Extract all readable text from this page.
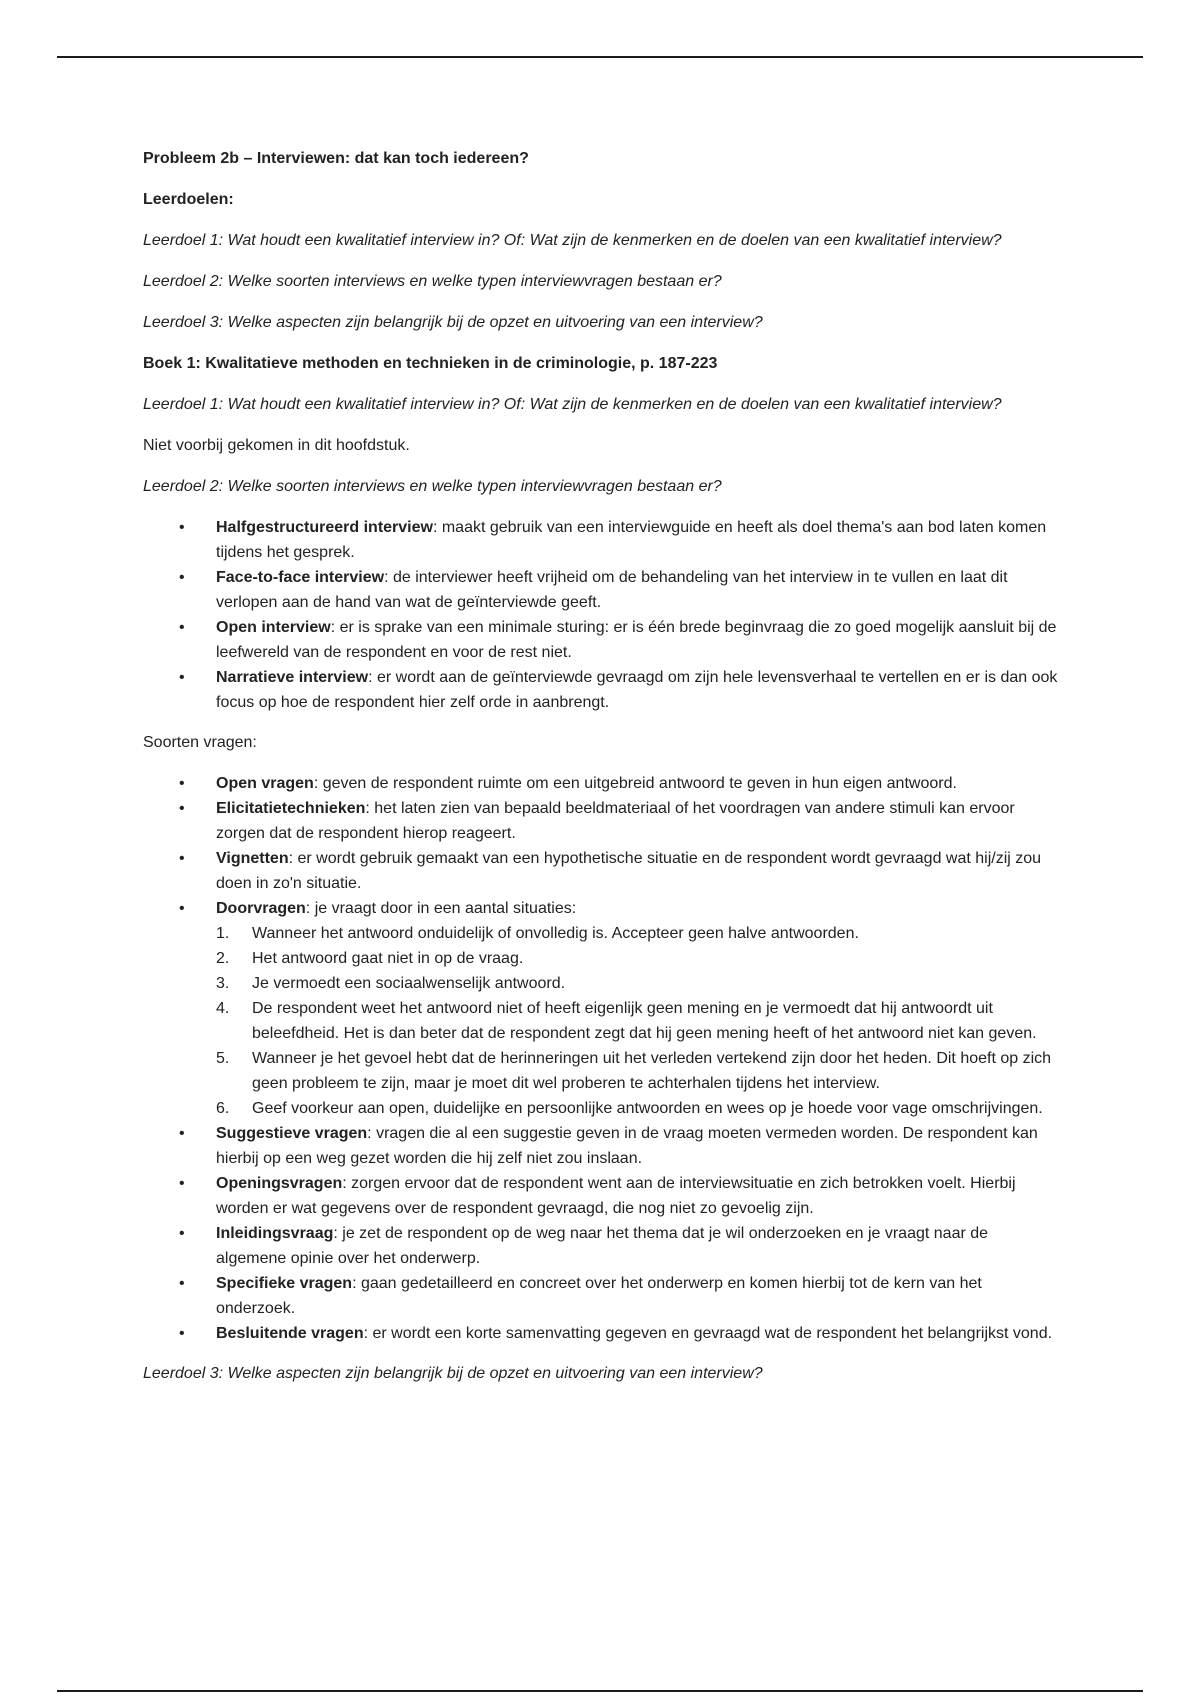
Probleem 2b – Interviewen: dat kan toch iedereen?

Leerdoelen:

Leerdoel 1: Wat houdt een kwalitatief interview in? Of: Wat zijn de kenmerken en de doelen van een kwalitatief interview?

Leerdoel 2: Welke soorten interviews en welke typen interviewvragen bestaan er?

Leerdoel 3: Welke aspecten zijn belangrijk bij de opzet en uitvoering van een interview?

Boek 1: Kwalitatieve methoden en technieken in de criminologie, p. 187-223

Leerdoel 1: Wat houdt een kwalitatief interview in? Of: Wat zijn de kenmerken en de doelen van een kwalitatief interview?

Niet voorbij gekomen in dit hoofdstuk.

Leerdoel 2: Welke soorten interviews en welke typen interviewvragen bestaan er?

• Halfgestructureerd interview: maakt gebruik van een interviewguide en heeft als doel thema's aan bod laten komen tijdens het gesprek.
• Face-to-face interview: de interviewer heeft vrijheid om de behandeling van het interview in te vullen en laat dit verlopen aan de hand van wat de geïnterviewde geeft.
• Open interview: er is sprake van een minimale sturing: er is één brede beginvraag die zo goed mogelijk aansluit bij de leefwereld van de respondent en voor de rest niet.
• Narratieve interview: er wordt aan de geïnterviewde gevraagd om zijn hele levensverhaal te vertellen en er is dan ook focus op hoe de respondent hier zelf orde in aanbrengt.

Soorten vragen:

• Open vragen: geven de respondent ruimte om een uitgebreid antwoord te geven in hun eigen antwoord.
• Elicitatietechnieken: het laten zien van bepaald beeldmateriaal of het voordragen van andere stimuli kan ervoor zorgen dat de respondent hierop reageert.
• Vignetten: er wordt gebruik gemaakt van een hypothetische situatie en de respondent wordt gevraagd wat hij/zij zou doen in zo'n situatie.
• Doorvragen: je vraagt door in een aantal situaties:
1.	Wanneer het antwoord onduidelijk of onvolledig is. Accepteer geen halve antwoorden.
2.	Het antwoord gaat niet in op de vraag.
3.	Je vermoedt een sociaalwenselijk antwoord.
4.	De respondent weet het antwoord niet of heeft eigenlijk geen mening en je vermoedt dat hij antwoordt uit beleefdheid. Het is dan beter dat de respondent zegt dat hij geen mening heeft of het antwoord niet kan geven.
5.	Wanneer je het gevoel hebt dat de herinneringen uit het verleden vertekend zijn door het heden. Dit hoeft op zich geen probleem te zijn, maar je moet dit wel proberen te achterhalen tijdens het interview.
6.	Geef voorkeur aan open, duidelijke en persoonlijke antwoorden en wees op je hoede voor vage omschrijvingen.
• Suggestieve vragen: vragen die al een suggestie geven in de vraag moeten vermeden worden. De respondent kan hierbij op een weg gezet worden die hij zelf niet zou inslaan.
• Openingsvragen: zorgen ervoor dat de respondent went aan de interviewsituatie en zich betrokken voelt. Hierbij worden er wat gegevens over de respondent gevraagd, die nog niet zo gevoelig zijn.
• Inleidingsvraag: je zet de respondent op de weg naar het thema dat je wil onderzoeken en je vraagt naar de algemene opinie over het onderwerp.
• Specifieke vragen: gaan gedetailleerd en concreet over het onderwerp en komen hierbij tot de kern van het onderzoek.
• Besluitende vragen: er wordt een korte samenvatting gegeven en gevraagd wat de respondent het belangrijkst vond.

Leerdoel 3: Welke aspecten zijn belangrijk bij de opzet en uitvoering van een interview?
